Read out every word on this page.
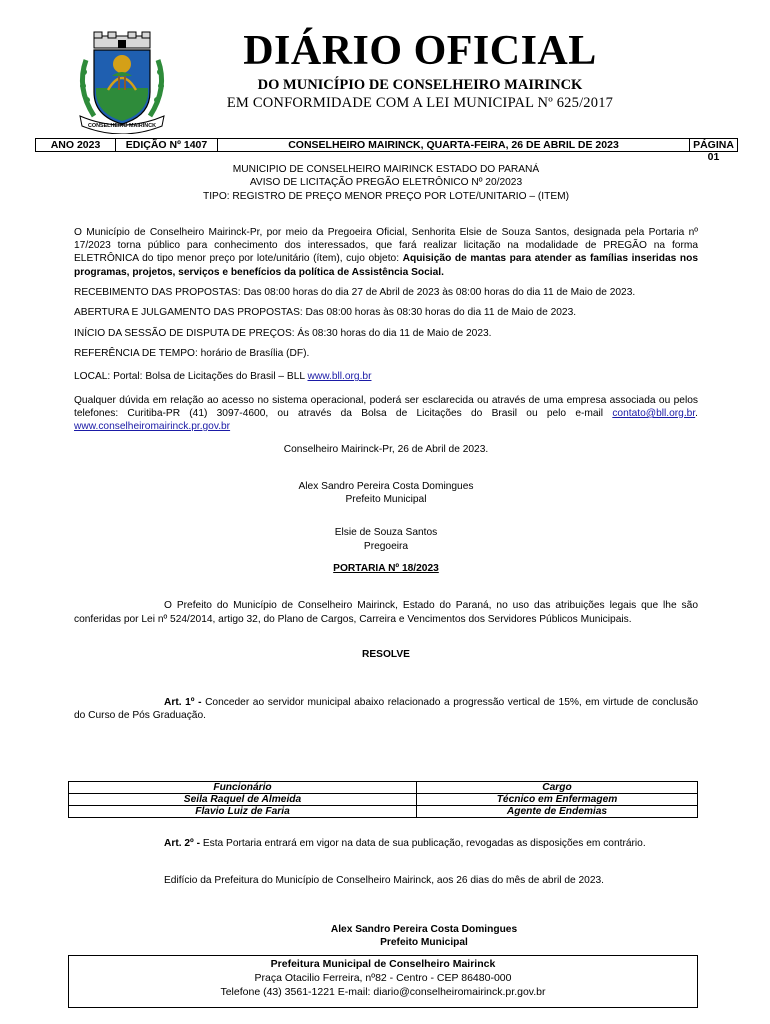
CONSELHEIRO MAIRINCK
DIÁRIO OFICIAL
DO MUNICÍPIO DE CONSELHEIRO MAIRINCK
EM CONFORMIDADE COM A LEI MUNICIPAL Nº 625/2017
ANO 2023	EDIÇÃO Nº 1407	CONSELHEIRO MAIRINCK, QUARTA-FEIRA, 26 DE ABRIL DE 2023	PÁGINA 01

MUNICIPIO DE CONSELHEIRO MAIRINCK ESTADO DO PARANÁ

AVISO DE LICITAÇÃO PREGÃO ELETRÔNICO Nº 20/2023

TIPO: REGISTRO DE PREÇO MENOR PREÇO POR LOTE/UNITARIO – (ITEM)

O Município de Conselheiro Mairinck-Pr, por meio da Pregoeira Oficial, Senhorita Elsie de Souza Santos, designada pela Portaria nº 17/2023 torna público para conhecimento dos interessados, que fará realizar licitação na modalidade de PREGÃO na forma ELETRÔNICA do tipo menor preço por lote/unitário (ítem), cujo objeto: Aquisição de mantas para atender as famílias inseridas nos programas, projetos, serviços e benefícios da política de Assistência Social.

RECEBIMENTO DAS PROPOSTAS: Das 08:00 horas do dia 27 de Abril de 2023 às 08:00 horas do dia 11 de Maio de 2023.

ABERTURA E JULGAMENTO DAS PROPOSTAS: Das 08:00 horas às 08:30 horas do dia 11 de Maio de 2023.

INÍCIO DA SESSÃO DE DISPUTA DE PREÇOS: Ás 08:30 horas do dia 11 de Maio de 2023.

REFERÊNCIA DE TEMPO: horário de Brasília (DF).

LOCAL: Portal: Bolsa de Licitações do Brasil – BLL www.bll.org.br

Qualquer dúvida em relação ao acesso no sistema operacional, poderá ser esclarecida ou através de uma empresa associada ou pelos telefones: Curitiba-PR (41) 3097-4600, ou através da Bolsa de Licitações do Brasil ou pelo e-mail contato@bll.org.br. www.conselheiromairinck.pr.gov.br

Conselheiro Mairinck-Pr, 26 de Abril de 2023.

Alex Sandro Pereira Costa Domingues

Prefeito Municipal

Elsie de Souza Santos

Pregoeira

PORTARIA Nº 18/2023

O Prefeito do Município de Conselheiro Mairinck, Estado do Paraná, no uso das atribuições legais que lhe são conferidas por Lei nº 524/2014, artigo 32, do Plano de Cargos, Carreira e Vencimentos dos Servidores Públicos Municipais.

RESOLVE

Art. 1º - Conceder ao servidor municipal abaixo relacionado a progressão vertical de 15%, em virtude de conclusão do Curso de Pós Graduação.

Funcionário	Cargo
Seila Raquel de Almeida	Técnico em Enfermagem
Flavio Luiz de Faria	Agente de Endemias

Art. 2º - Esta Portaria entrará em vigor na data de sua publicação, revogadas as disposições em contrário.

Edifício da Prefeitura do Município de Conselheiro Mairinck, aos 26 dias do mês de abril de 2023.

Alex Sandro Pereira Costa Domingues

Prefeito Municipal

Prefeitura Municipal de Conselheiro Mairinck
Praça Otacilio Ferreira, nº82 - Centro - CEP 86480-000
Telefone (43) 3561-1221 E-mail: diario@conselheiromairinck.pr.gov.br
